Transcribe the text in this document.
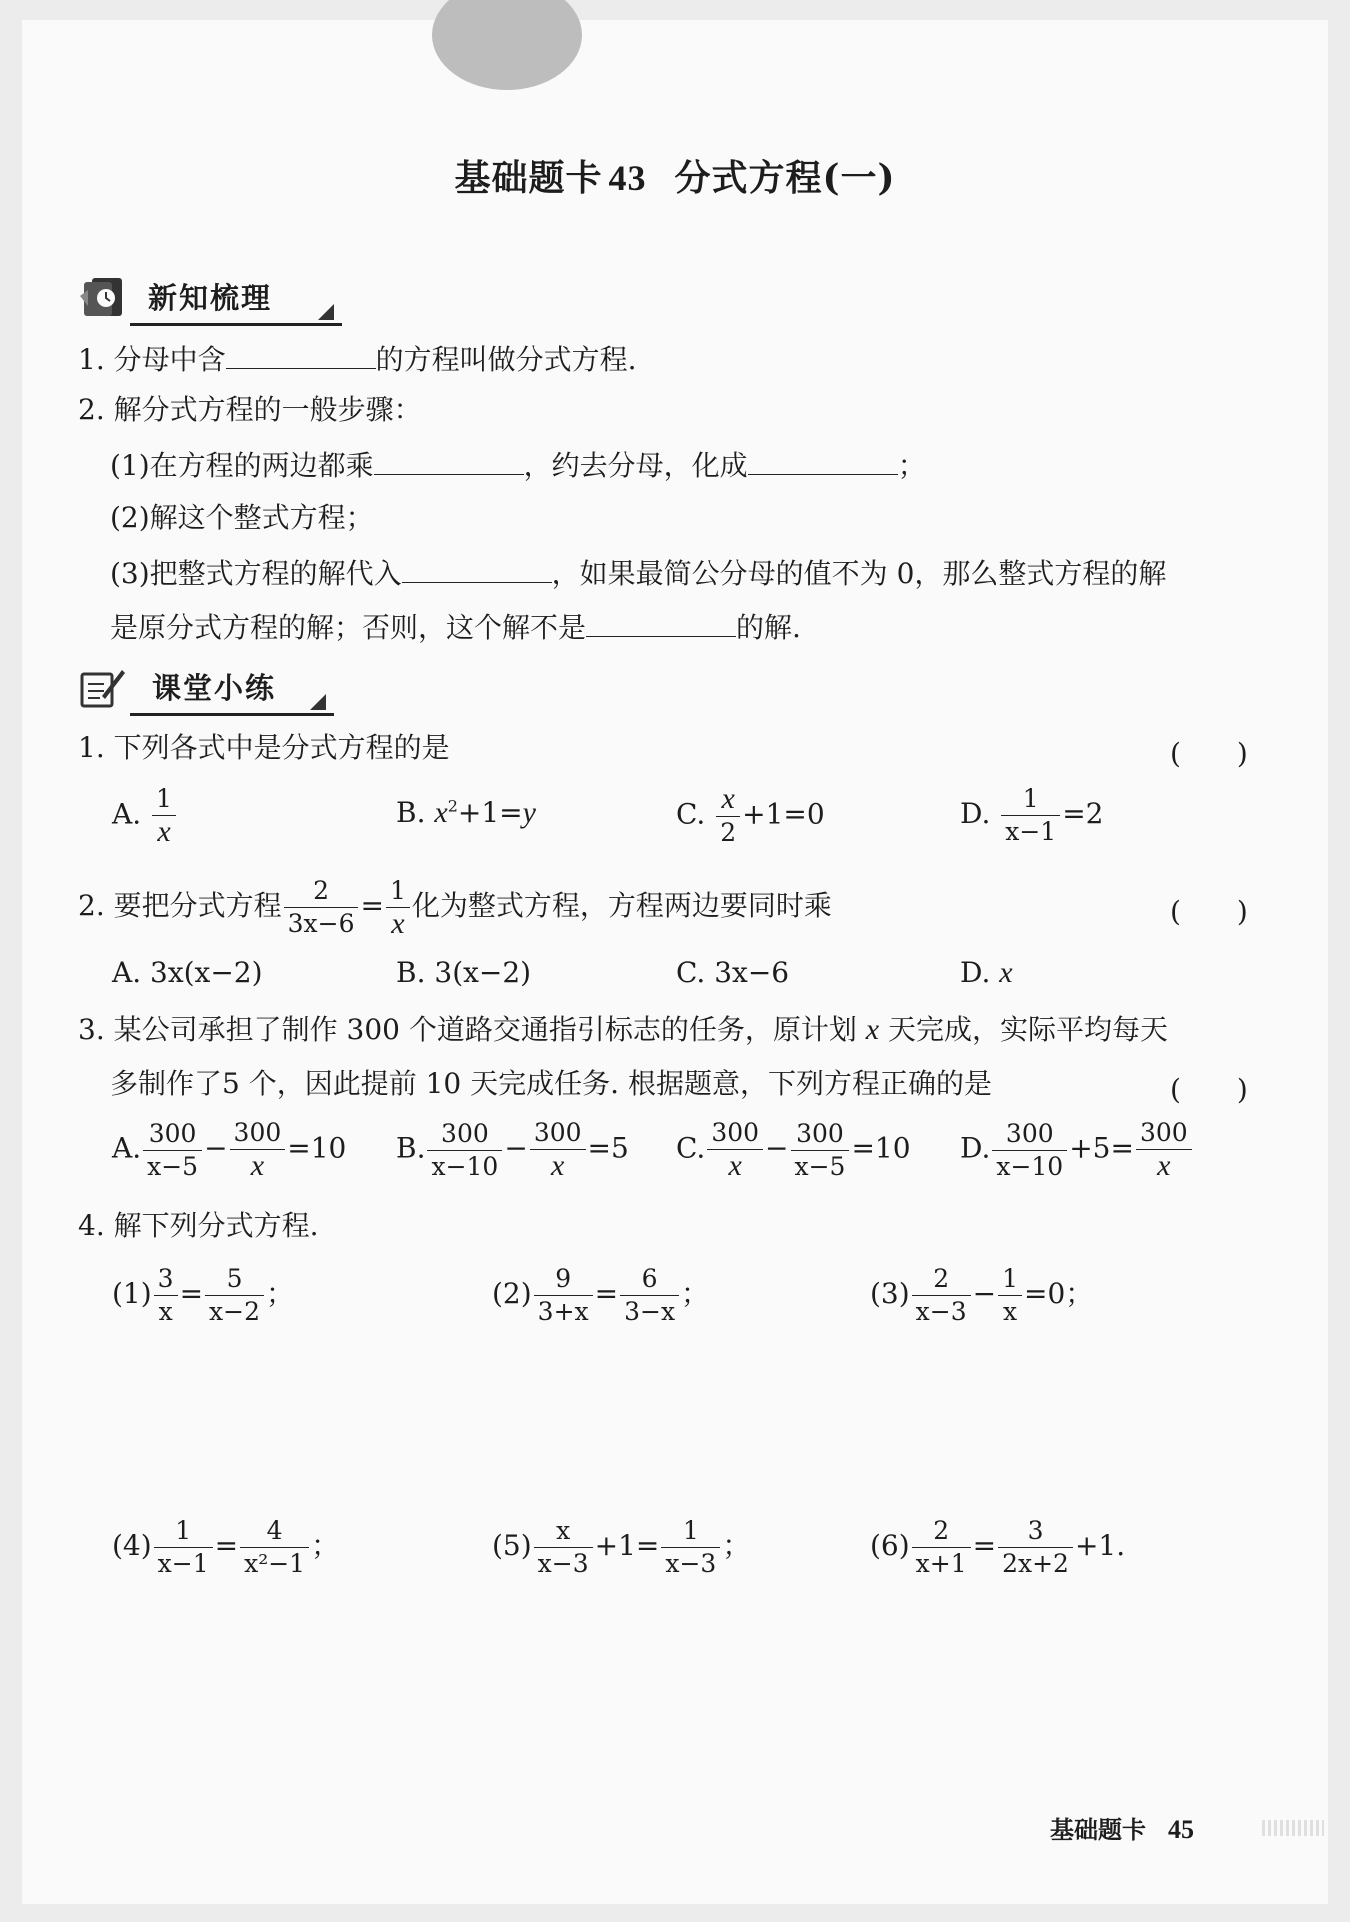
基础题卡 43 分式方程(一)
新知梳理
1. 分母中含	的方程叫做分式方程.
2. 解分式方程的一般步骤：
(1)在方程的两边都乘	，约去分母，化成	；
(2)解这个整式方程；
(3)把整式方程的解代入	，如果最简公分母的值不为 0，那么整式方程的解
是原分式方程的解；否则，这个解不是	的解.
课堂小练
1. 下列各式中是分式方程的是	(　　)
A. $\frac{1}{x}$	B. $x^2+1=y$	C. $\frac{x}{2} +1=0$	D. $\frac{1}{x-1} =2$
2. 要把分式方程 $\frac{2}{3x-6} = \frac{1}{x}$ 化为整式方程，方程两边要同时乘	(　　)
A. 3x(x−2)	B. 3(x−2)	C. 3x−6	D. x
3. 某公司承担了制作 300 个道路交通指引标志的任务，原计划 x 天完成，实际平均每天
多制作了5 个，因此提前 10 天完成任务. 根据题意，下列方程正确的是	(　　)
A. $\frac{300}{x-5} - \frac{300}{x} =10$ B. $\frac{300}{x-10} - \frac{300}{x} =5$ C. $\frac{300}{x} - \frac{300}{x-5} =10$ D. $\frac{300}{x-10} +5= \frac{300}{x}$
4. 解下列分式方程.
$(1) \frac{3}{x} = \frac{5}{x-2}$ ；	$(2) \frac{9}{3+x} = \frac{6}{3-x}$ ；	$(3) \frac{2}{x-3} - \frac{1}{x} =0$；
$(4) \frac{1}{x-1} = \frac{4}{\text{x²−1}}$ ；	$(5) \frac{x}{x-3} +1= \frac{1}{x-3}$ ；	$(6) \frac{2}{x+1} = \frac{3}{2x+2} +1$.
基础题卡 45
